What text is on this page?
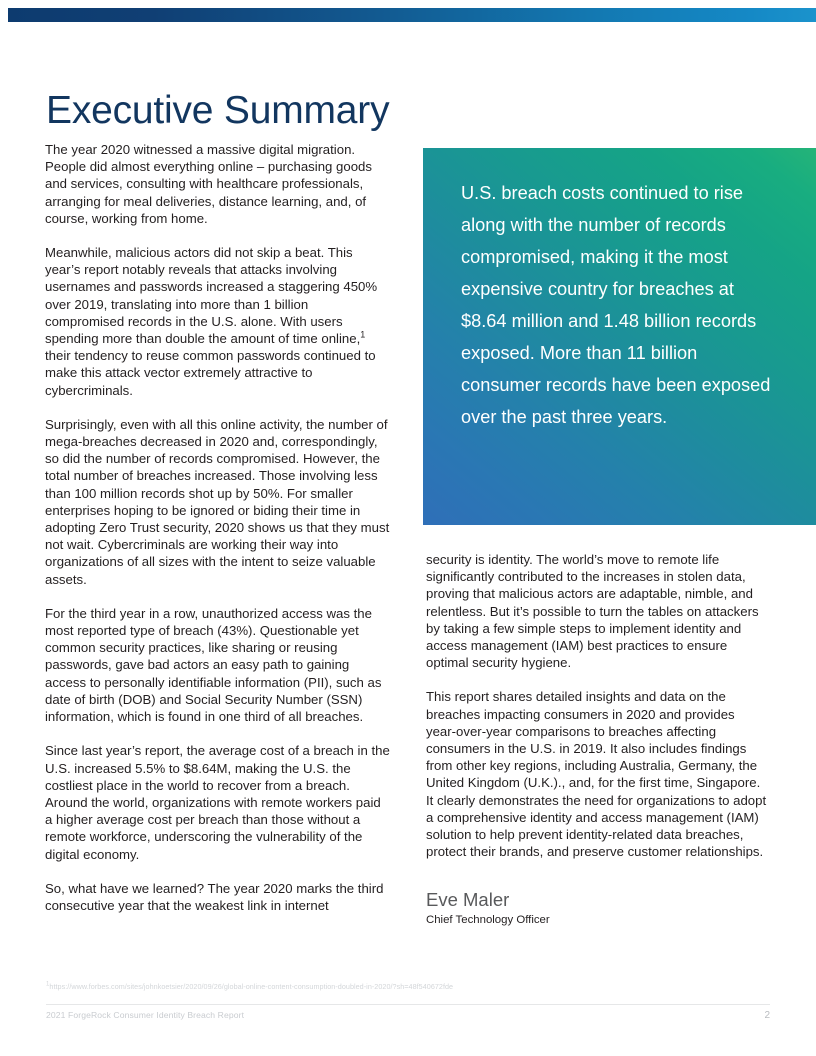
Executive Summary

The year 2020 witnessed a massive digital migration. People did almost everything online – purchasing goods and services, consulting with healthcare professionals, arranging for meal deliveries, distance learning, and, of course, working from home.

Meanwhile, malicious actors did not skip a beat. This year’s report notably reveals that attacks involving usernames and passwords increased a staggering 450% over 2019, translating into more than 1 billion compromised records in the U.S. alone. With users spending more than double the amount of time online,$^1$ their tendency to reuse common passwords continued to make this attack vector extremely attractive to cybercriminals.

Surprisingly, even with all this online activity, the number of mega-breaches decreased in 2020 and, correspondingly, so did the number of records compromised. However, the total number of breaches increased. Those involving less than 100 million records shot up by 50%. For smaller enterprises hoping to be ignored or biding their time in adopting Zero Trust security, 2020 shows us that they must not wait. Cybercriminals are working their way into organizations of all sizes with the intent to seize valuable assets.

For the third year in a row, unauthorized access was the most reported type of breach (43%). Questionable yet common security practices, like sharing or reusing passwords, gave bad actors an easy path to gaining access to personally identifiable information (PII), such as date of birth (DOB) and Social Security Number (SSN) information, which is found in one third of all breaches.

Since last year’s report, the average cost of a breach in the U.S. increased 5.5% to $8.64M, making the U.S. the costliest place in the world to recover from a breach. Around the world, organizations with remote workers paid a higher average cost per breach than those without a remote workforce, underscoring the vulnerability of the digital economy.

So, what have we learned? The year 2020 marks the third consecutive year that the weakest link in internet

U.S. breach costs continued to rise along with the number of records compromised, making it the most expensive country for breaches at $8.64 million and 1.48 billion records exposed. More than 11 billion consumer records have been exposed over the past three years.

security is identity. The world’s move to remote life significantly contributed to the increases in stolen data, proving that malicious actors are adaptable, nimble, and relentless. But it’s possible to turn the tables on attackers by taking a few simple steps to implement identity and access management (IAM) best practices to ensure optimal security hygiene.

This report shares detailed insights and data on the breaches impacting consumers in 2020 and provides year-over-year comparisons to breaches affecting consumers in the U.S. in 2019. It also includes findings from other key regions, including Australia, Germany, the United Kingdom (U.K.)., and, for the first time, Singapore. It clearly demonstrates the need for organizations to adopt a comprehensive identity and access management (IAM) solution to help prevent identity-related data breaches, protect their brands, and preserve customer relationships.

Eve Maler

Chief Technology Officer

$^1$https://www.forbes.com/sites/johnkoetsier/2020/09/26/global-online-content-consumption-doubled-in-2020/?sh=48f540672fde
2021 ForgeRock Consumer Identity Breach Report	2
